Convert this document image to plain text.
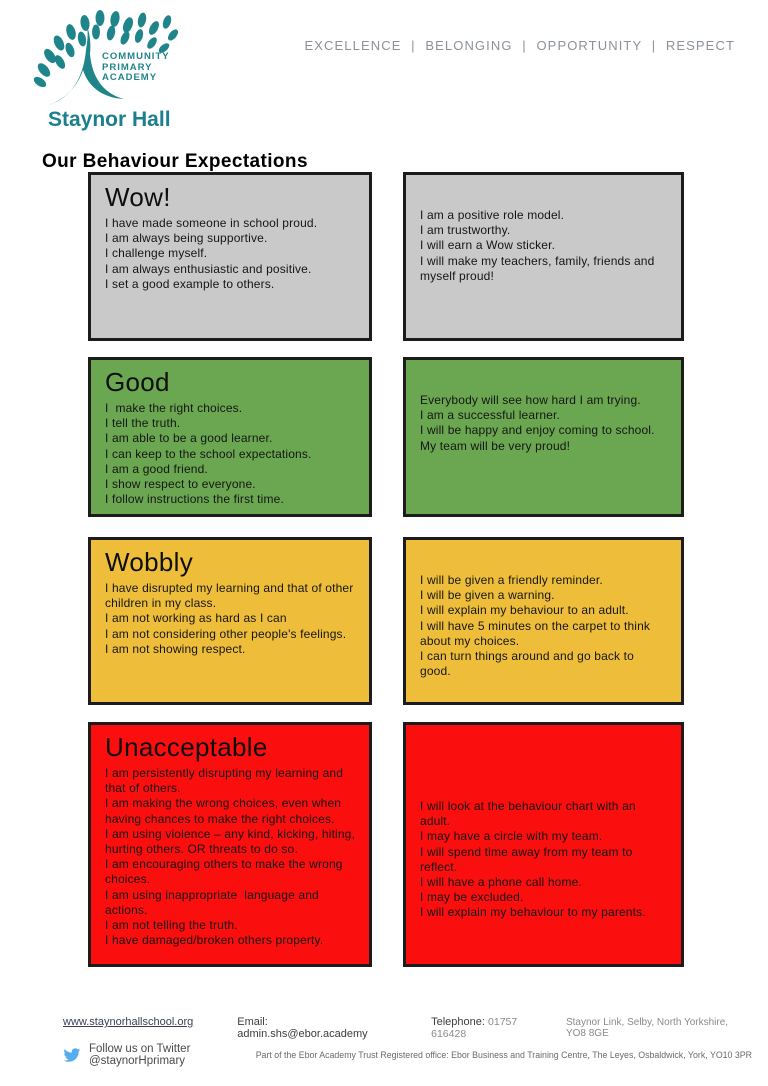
COMMUNITY
PRIMARY
ACADEMY
Staynor Hall
EXCELLENCE | BELONGING | OPPORTUNITY | RESPECT
Our Behaviour Expectations
Wow!

I have made someone in school proud.

I am always being supportive.

I challenge myself.

I am always enthusiastic and positive.

I set a good example to others.

I am a positive role model.

I am trustworthy.

I will earn a Wow sticker.

I will make my teachers, family, friends and myself proud!

Good

I  make the right choices.

I tell the truth.

I am able to be a good learner.

I can keep to the school expectations.

I am a good friend.

I show respect to everyone.

I follow instructions the first time.

Everybody will see how hard I am trying.

I am a successful learner.

I will be happy and enjoy coming to school.

My team will be very proud!

Wobbly

I have disrupted my learning and that of other children in my class.

I am not working as hard as I can

I am not considering other people's feelings.

I am not showing respect.

I will be given a friendly reminder.

I will be given a warning.

I will explain my behaviour to an adult.

I will have 5 minutes on the carpet to think about my choices.

I can turn things around and go back to good.

Unacceptable

I am persistently disrupting my learning and that of others.

I am making the wrong choices, even when having chances to make the right choices.

I am using violence – any kind, kicking, hiting, hurting others. OR threats to do so.

I am encouraging others to make the wrong choices.

I am using inappropriate  language and actions.

I am not telling the truth.

I have damaged/broken others property.

I will look at the behaviour chart with an adult.

I may have a circle with my team.

I will spend time away from my team to reflect.

I will have a phone call home.

I may be excluded.

I will explain my behaviour to my parents.

www.staynorhallschool.org	Email: admin.shs@ebor.academy
Telephone: 01757 616428
Staynor Link, Selby, North Yorkshire, YO8 8GE
Follow us on Twitter @staynorHprimary	Part of the Ebor Academy Trust Registered office: Ebor Business and Training Centre, The Leyes, Osbaldwick, York, YO10 3PR
